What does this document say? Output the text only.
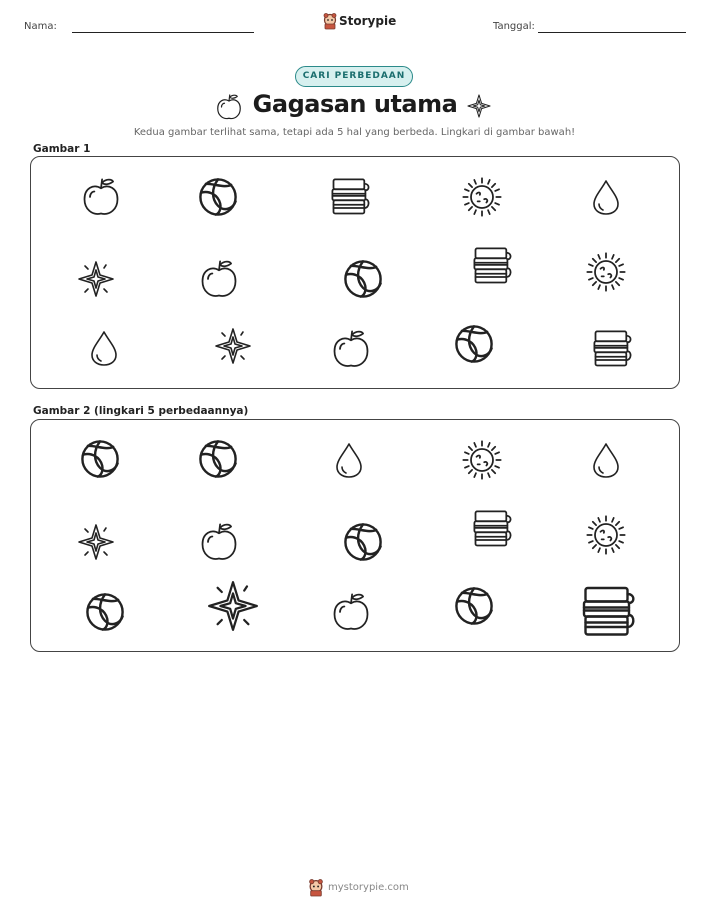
Nama:	Storypie	Tanggal:
CARI PERBEDAAN
Gagasan utama
Kedua gambar terlihat sama, tetapi ada 5 hal yang berbeda. Lingkari di gambar bawah!
Gambar 1
Gambar 2 (lingkari 5 perbedaannya)
mystorypie.com
